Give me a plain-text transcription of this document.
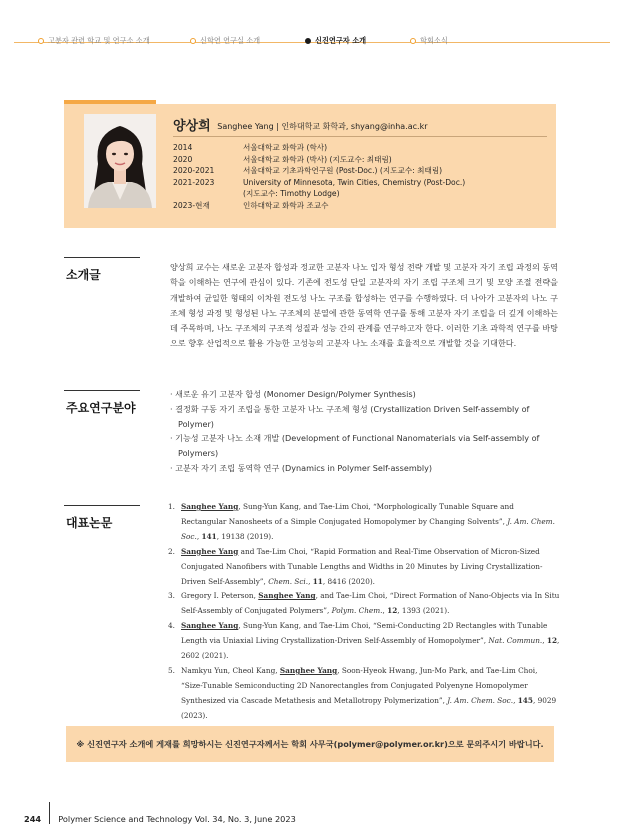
고분자 관련 학교 및 연구소 소개	신학연 연구실 소개	신진연구자 소개	학회소식
양상희 Sanghee Yang | 인하대학교 화학과, shyang@inha.ac.kr
2014	서울대학교 화학과 (학사)
2020	서울대학교 화학과 (박사) (지도교수: 최태림)
2020-2021	서울대학교 기초과학연구원 (Post-Doc.) (지도교수: 최태림)
2021-2023	University of Minnesota, Twin Cities, Chemistry (Post-Doc.)
(지도교수: Timothy Lodge)
2023-현재	인하대학교 화학과 조교수
소개글
양상희 교수는 새로운 고분자 합성과 정교한 고분자 나노 입자 형성 전략 개발 및 고분자 자기 조립 과정의 동역학을 이해하는 연구에 관심이 있다. 기존에 전도성 단일 고분자의 자기 조립 구조체 크기 및 모양 조절 전략을 개발하여 균일한 형태의 이차원 전도성 나노 구조를 합성하는 연구를 수행하였다. 더 나아가 고분자의 나노 구조체 형성 과정 및 형성된 나노 구조체의 분열에 관한 동역학 연구를 통해 고분자 자기 조립을 더 깊게 이해하는데 주목하며, 나노 구조체의 구조적 성질과 성능 간의 관계를 연구하고자 한다. 이러한 기초 과학적 연구를 바탕으로 향후 산업적으로 활용 가능한 고성능의 고분자 나노 소재를 효율적으로 개발할 것을 기대한다.
주요연구분야
· 새로운 유기 고분자 합성 (Monomer Design/Polymer Synthesis)
· 결정화 구동 자기 조립을 통한 고분자 나노 구조체 형성 (Crystallization Driven Self-assembly of Polymer)
· 기능성 고분자 나노 소재 개발 (Development of Functional Nanomaterials via Self-assembly of Polymers)
· 고분자 자기 조립 동역학 연구 (Dynamics in Polymer Self-assembly)
대표논문
1. Sanghee Yang, Sung-Yun Kang, and Tae-Lim Choi, “Morphologically Tunable Square and Rectangular Nanosheets of a Simple Conjugated Homopolymer by Changing Solvents”, J. Am. Chem. Soc., 141, 19138 (2019).
2. Sanghee Yang and Tae-Lim Choi, “Rapid Formation and Real-Time Observation of Micron-Sized Conjugated Nanofibers with Tunable Lengths and Widths in 20 Minutes by Living Crystallization-Driven Self-Assembly”, Chem. Sci., 11, 8416 (2020).
3. Gregory I. Peterson, Sanghee Yang, and Tae-Lim Choi, “Direct Formation of Nano-Objects via In Situ Self-Assembly of Conjugated Polymers”, Polym. Chem., 12, 1393 (2021).
4. Sanghee Yang, Sung-Yun Kang, and Tae-Lim Choi, “Semi-Conducting 2D Rectangles with Tunable Length via Uniaxial Living Crystallization-Driven Self-Assembly of Homopolymer”, Nat. Commun., 12, 2602 (2021).
5. Namkyu Yun, Cheol Kang, Sanghee Yang, Soon-Hyeok Hwang, Jun-Mo Park, and Tae-Lim Choi, “Size-Tunable Semiconducting 2D Nanorectangles from Conjugated Polyenyne Homopolymer Synthesized via Cascade Metathesis and Metallotropy Polymerization”, J. Am. Chem. Soc., 145, 9029 (2023).
※ 신진연구자 소개에 게재를 희망하시는 신진연구자께서는 학회 사무국(polymer@polymer.or.kr)으로 문의주시기 바랍니다.
244 Polymer Science and Technology Vol. 34, No. 3, June 2023
